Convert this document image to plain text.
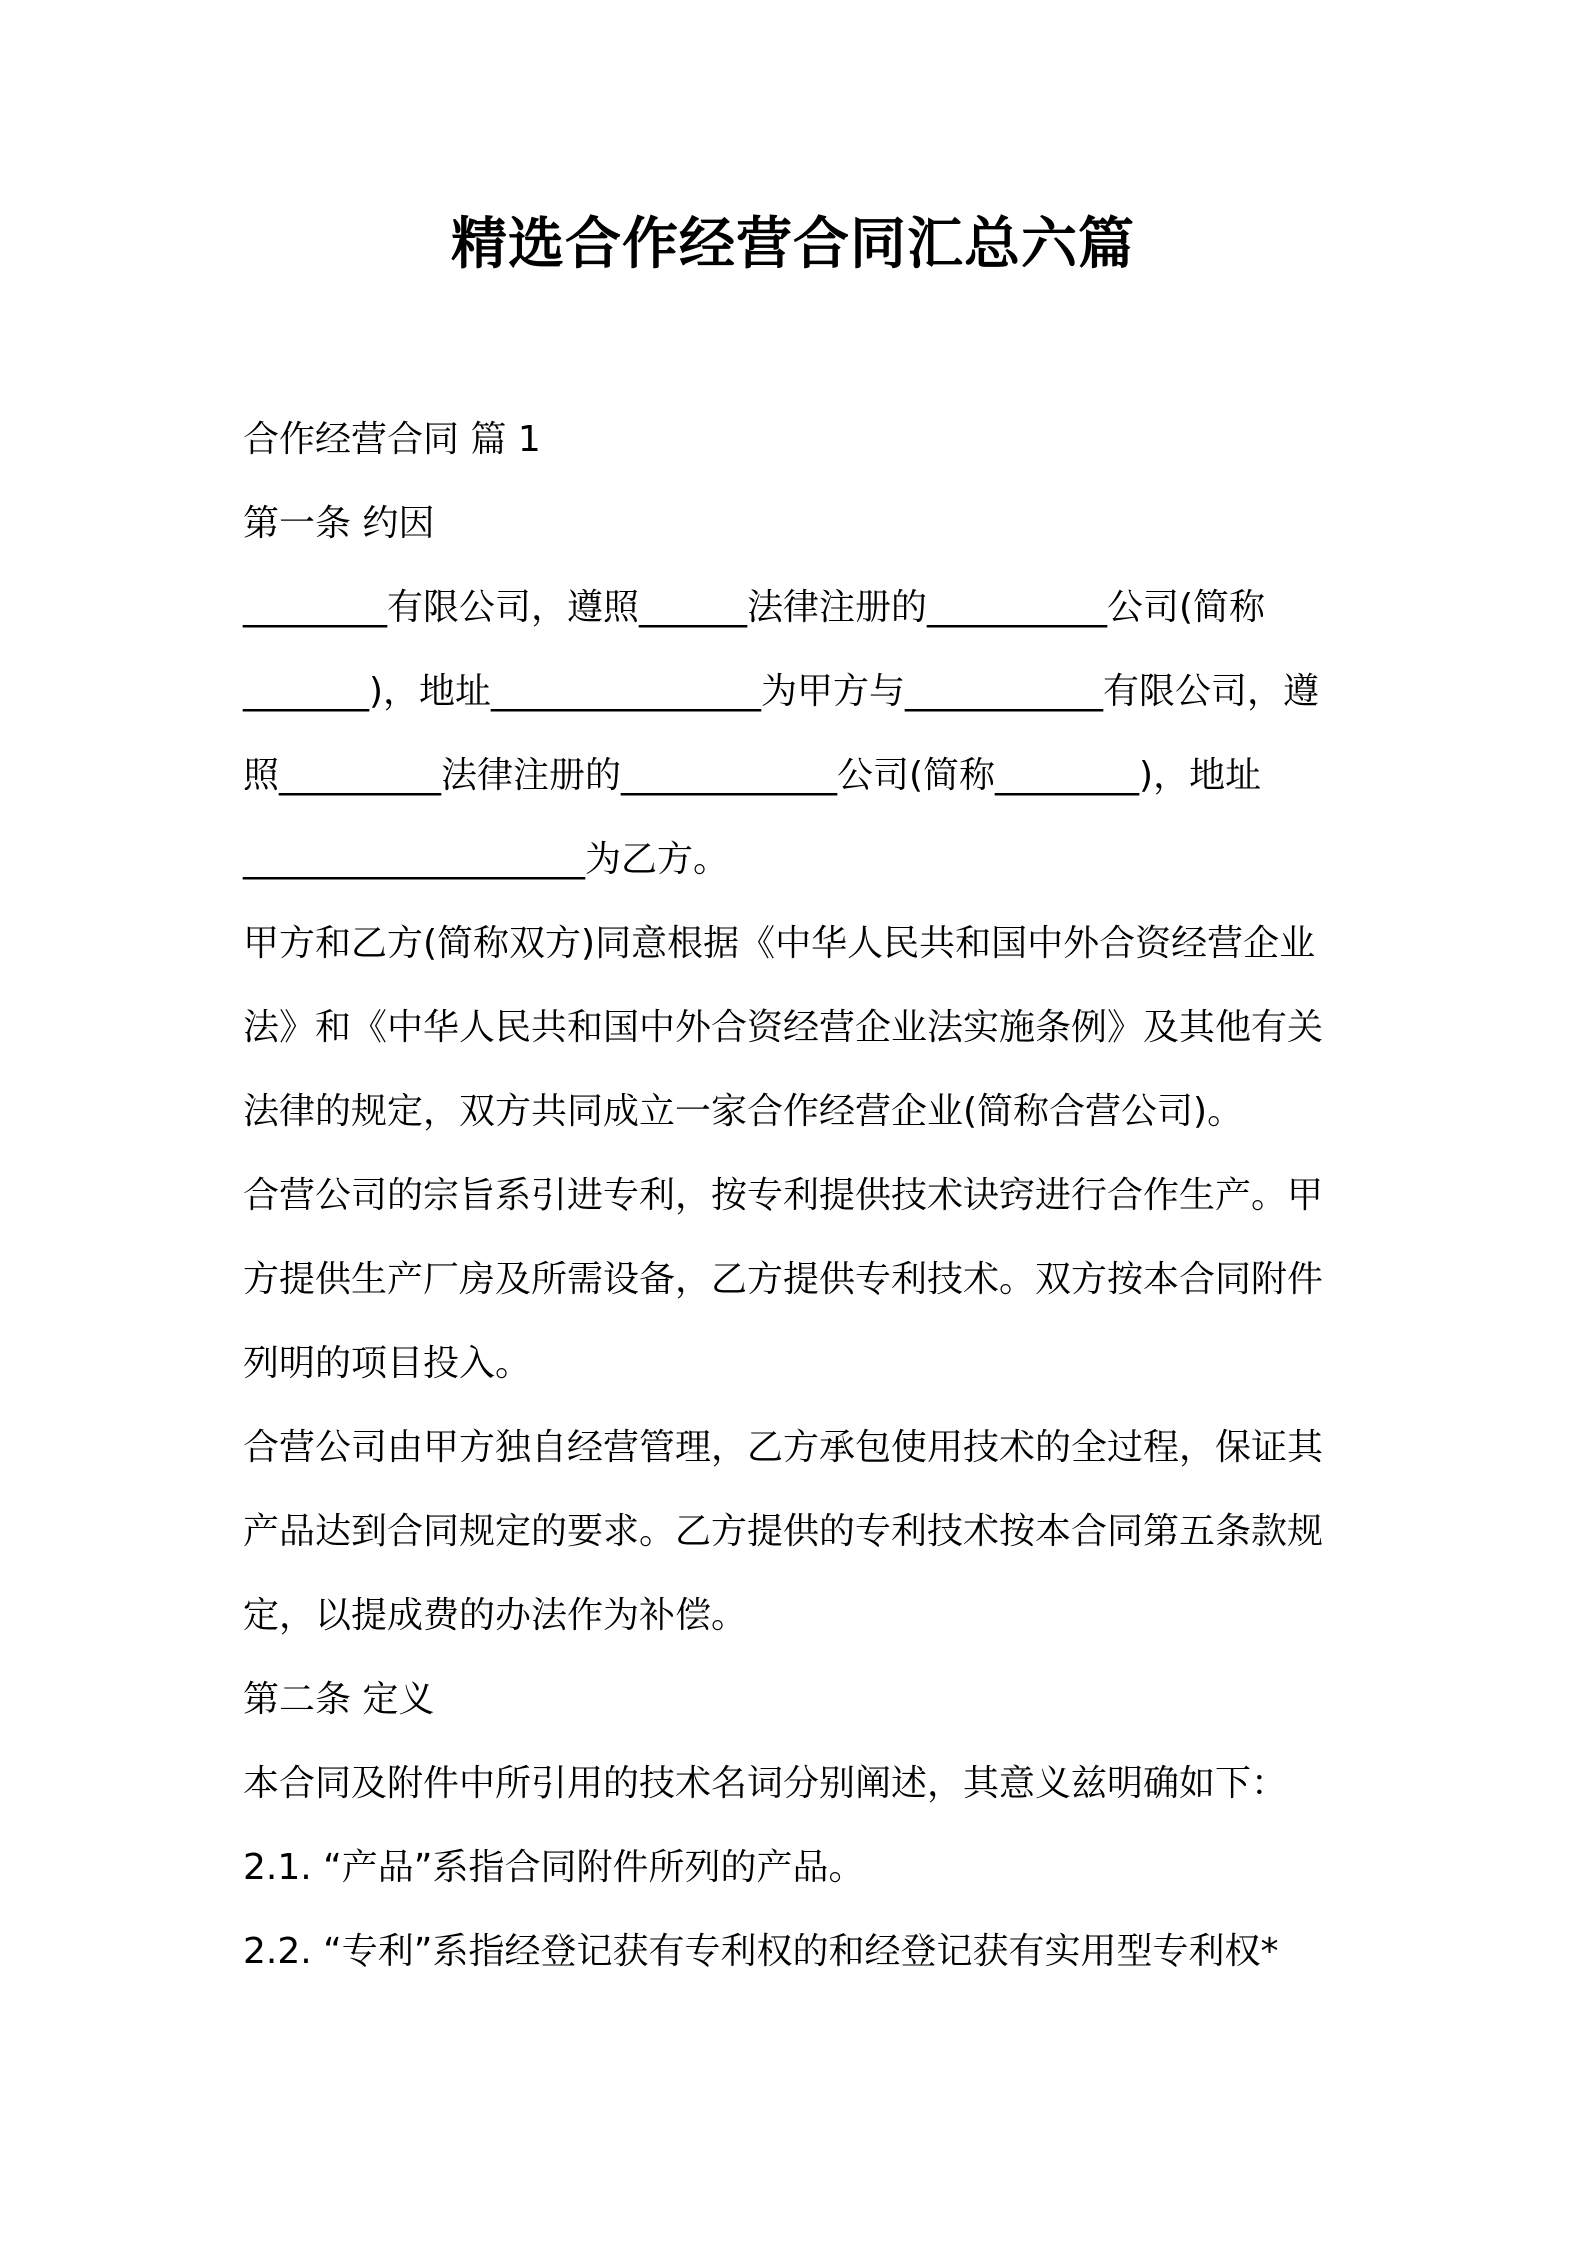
精选合作经营合同汇总六篇
合作经营合同 篇 1
第一条 约因
________有限公司，遵照______法律注册的__________公司(简称
_______)，地址_______________为甲方与___________有限公司，遵
照_________法律注册的____________公司(简称________)，地址
___________________为乙方。
甲方和乙方(简称双方)同意根据《中华人民共和国中外合资经营企业
法》和《中华人民共和国中外合资经营企业法实施条例》及其他有关
法律的规定，双方共同成立一家合作经营企业(简称合营公司)。
合营公司的宗旨系引进专利，按专利提供技术诀窍进行合作生产。甲
方提供生产厂房及所需设备，乙方提供专利技术。双方按本合同附件
列明的项目投入。
合营公司由甲方独自经营管理，乙方承包使用技术的全过程，保证其
产品达到合同规定的要求。乙方提供的专利技术按本合同第五条款规
定，以提成费的办法作为补偿。
第二条 定义
本合同及附件中所引用的技术名词分别阐述，其意义兹明确如下：
2.1. “产品”系指合同附件所列的产品。
2.2. “专利”系指经登记获有专利权的和经登记获有实用型专利权*
